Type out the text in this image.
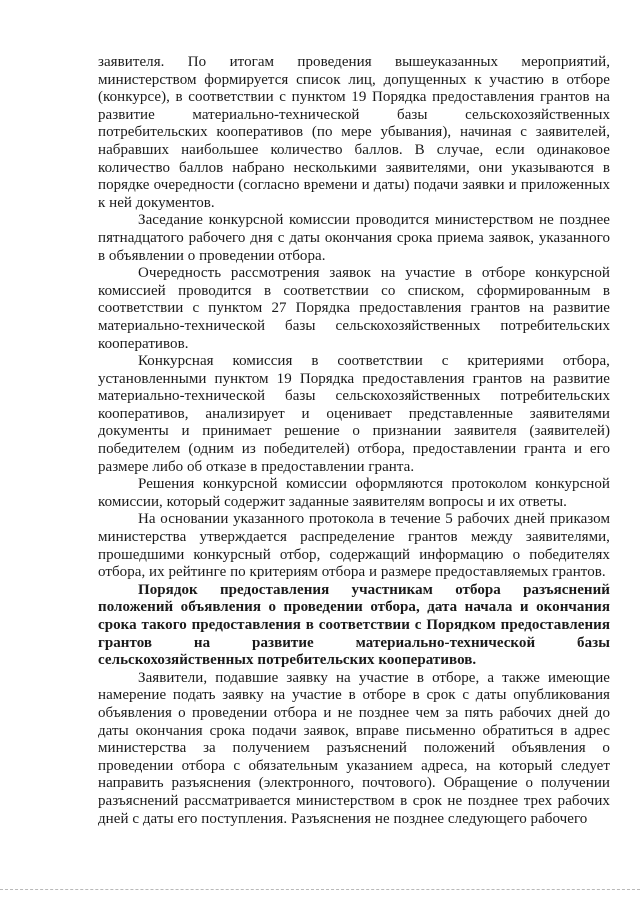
заявителя. По итогам проведения вышеуказанных мероприятий, министерством формируется список лиц, допущенных к участию в отборе (конкурсе), в соответствии с пунктом 19 Порядка предоставления грантов на развитие материально-технической базы сельскохозяйственных потребительских кооперативов (по мере убывания), начиная с заявителей, набравших наибольшее количество баллов. В случае, если одинаковое количество баллов набрано несколькими заявителями, они указываются в порядке очередности (согласно времени и даты) подачи заявки и приложенных к ней документов.

Заседание конкурсной комиссии проводится министерством не позднее пятнадцатого рабочего дня с даты окончания срока приема заявок, указанного в объявлении о проведении отбора.

Очередность рассмотрения заявок на участие в отборе конкурсной комиссией проводится в соответствии со списком, сформированным в соответствии с пунктом 27 Порядка предоставления грантов на развитие материально-технической базы сельскохозяйственных потребительских кооперативов.

Конкурсная комиссия в соответствии с критериями отбора, установленными пунктом 19 Порядка предоставления грантов на развитие материально-технической базы сельскохозяйственных потребительских кооперативов, анализирует и оценивает представленные заявителями документы и принимает решение о признании заявителя (заявителей) победителем (одним из победителей) отбора, предоставлении гранта и его размере либо об отказе в предоставлении гранта.

Решения конкурсной комиссии оформляются протоколом конкурсной комиссии, который содержит заданные заявителям вопросы и их ответы.

На основании указанного протокола в течение 5 рабочих дней приказом министерства утверждается распределение грантов между заявителями, прошедшими конкурсный отбор, содержащий информацию о победителях отбора, их рейтинге по критериям отбора и размере предоставляемых грантов.

Порядок предоставления участникам отбора разъяснений положений объявления о проведении отбора, дата начала и окончания срока такого предоставления в соответствии с Порядком предоставления грантов на развитие материально-технической базы сельскохозяйственных потребительских кооперативов.

Заявители, подавшие заявку на участие в отборе, а также имеющие намерение подать заявку на участие в отборе в срок с даты опубликования объявления о проведении отбора и не позднее чем за пять рабочих дней до даты окончания срока подачи заявок, вправе письменно обратиться в адрес министерства за получением разъяснений положений объявления о проведении отбора с обязательным указанием адреса, на который следует направить разъяснения (электронного, почтового). Обращение о получении разъяснений рассматривается министерством в срок не позднее трех рабочих дней с даты его поступления. Разъяснения не позднее следующего рабочего
